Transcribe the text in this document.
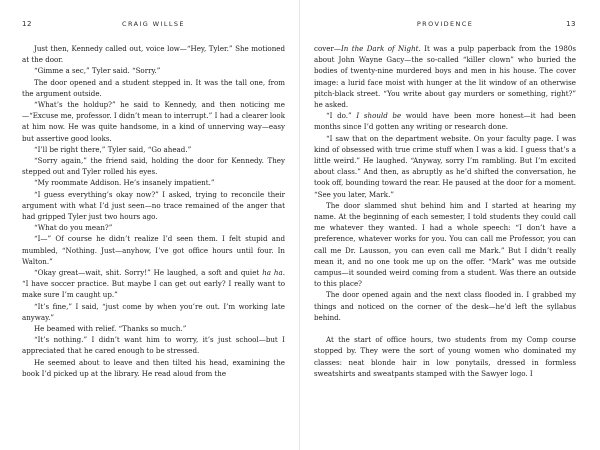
12	CRAIG WILLSE

Just then, Kennedy called out, voice low—“Hey, Tyler.” She motioned at the door.

“Gimme a sec,” Tyler said. “Sorry.”

The door opened and a student stepped in. It was the tall one, from the argument outside.

“What’s the holdup?” he said to Kennedy, and then noticing me—“Excuse me, professor. I didn’t mean to interrupt.” I had a clearer look at him now. He was quite handsome, in a kind of unnerving way—easy but assertive good looks.

“I’ll be right there,” Tyler said, “Go ahead.”

“Sorry again,” the friend said, holding the door for Kennedy. They stepped out and Tyler rolled his eyes.

“My roommate Addison. He’s insanely impatient.”

“I guess everything’s okay now?” I asked, trying to reconcile their argument with what I’d just seen—no trace remained of the anger that had gripped Tyler just two hours ago.

“What do you mean?”

“I—” Of course he didn’t realize I’d seen them. I felt stupid and mumbled, “Nothing. Just—anyhow, I’ve got office hours until four. In Walton.”

“Okay great—wait, shit. Sorry!” He laughed, a soft and quiet ha ha. “I have soccer practice. But maybe I can get out early? I really want to make sure I’m caught up.”

“It’s fine,” I said, “just come by when you’re out. I’m working late anyway.”

He beamed with relief. “Thanks so much.”

“It’s nothing.” I didn’t want him to worry, it’s just school—but I appreciated that he cared enough to be stressed.

He seemed about to leave and then tilted his head, examining the book I’d picked up at the library. He read aloud from the

PROVIDENCE	13

cover—In the Dark of Night. It was a pulp paperback from the 1980s about John Wayne Gacy—the so-called “killer clown” who buried the bodies of twenty-nine murdered boys and men in his house. The cover image: a lurid face moist with hunger at the lit window of an otherwise pitch-black street. “You write about gay murders or something, right?” he asked.

“I do.” I should be would have been more honest—it had been months since I’d gotten any writing or research done.

“I saw that on the department website. On your faculty page. I was kind of obsessed with true crime stuff when I was a kid. I guess that’s a little weird.” He laughed. “Anyway, sorry I’m rambling. But I’m excited about class.” And then, as abruptly as he’d shifted the conversation, he took off, bounding toward the rear. He paused at the door for a moment. “See you later, Mark.”

The door slammed shut behind him and I started at hearing my name. At the beginning of each semester, I told students they could call me whatever they wanted. I had a whole speech: “I don’t have a preference, whatever works for you. You can call me Professor, you can call me Dr. Lausson, you can even call me Mark.” But I didn’t really mean it, and no one took me up on the offer. “Mark” was me outside campus—it sounded weird coming from a student. Was there an outside to this place?

The door opened again and the next class flooded in. I grabbed my things and noticed on the corner of the desk—he’d left the syllabus behind.

At the start of office hours, two students from my Comp course stopped by. They were the sort of young women who dominated my classes: neat blonde hair in low ponytails, dressed in formless sweatshirts and sweatpants stamped with the Sawyer logo. I
